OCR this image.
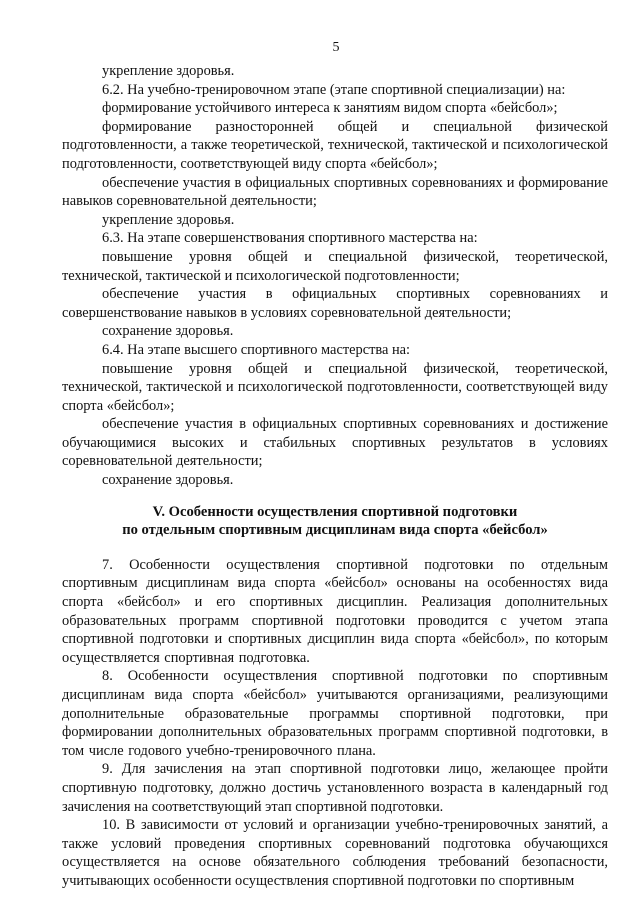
5

укрепление здоровья.

6.2. На учебно-тренировочном этапе (этапе спортивной специализации) на:

формирование устойчивого интереса к занятиям видом спорта «бейсбол»;

формирование разносторонней общей и специальной физической подготовленности, а также теоретической, технической, тактической и психологической подготовленности, соответствующей виду спорта «бейсбол»;

обеспечение участия в официальных спортивных соревнованиях и формирование навыков соревновательной деятельности;

укрепление здоровья.

6.3. На этапе совершенствования спортивного мастерства на:

повышение уровня общей и специальной физической, теоретической, технической, тактической и психологической подготовленности;

обеспечение участия в официальных спортивных соревнованиях и совершенствование навыков в условиях соревновательной деятельности;

сохранение здоровья.

6.4. На этапе высшего спортивного мастерства на:

повышение уровня общей и специальной физической, теоретической, технической, тактической и психологической подготовленности, соответствующей виду спорта «бейсбол»;

обеспечение участия в официальных спортивных соревнованиях и достижение обучающимися высоких и стабильных спортивных результатов в условиях соревновательной деятельности;

сохранение здоровья.

V. Особенности осуществления спортивной подготовки
по отдельным спортивным дисциплинам вида спорта «бейсбол»

7. Особенности осуществления спортивной подготовки по отдельным спортивным дисциплинам вида спорта «бейсбол» основаны на особенностях вида спорта «бейсбол» и его спортивных дисциплин. Реализация дополнительных образовательных программ спортивной подготовки проводится с учетом этапа спортивной подготовки и спортивных дисциплин вида спорта «бейсбол», по которым осуществляется спортивная подготовка.

8. Особенности осуществления спортивной подготовки по спортивным дисциплинам вида спорта «бейсбол» учитываются организациями, реализующими дополнительные образовательные программы спортивной подготовки, при формировании дополнительных образовательных программ спортивной подготовки, в том числе годового учебно-тренировочного плана.

9. Для зачисления на этап спортивной подготовки лицо, желающее пройти спортивную подготовку, должно достичь установленного возраста в календарный год зачисления на соответствующий этап спортивной подготовки.

10. В зависимости от условий и организации учебно-тренировочных занятий, а также условий проведения спортивных соревнований подготовка обучающихся осуществляется на основе обязательного соблюдения требований безопасности, учитывающих особенности осуществления спортивной подготовки по спортивным
